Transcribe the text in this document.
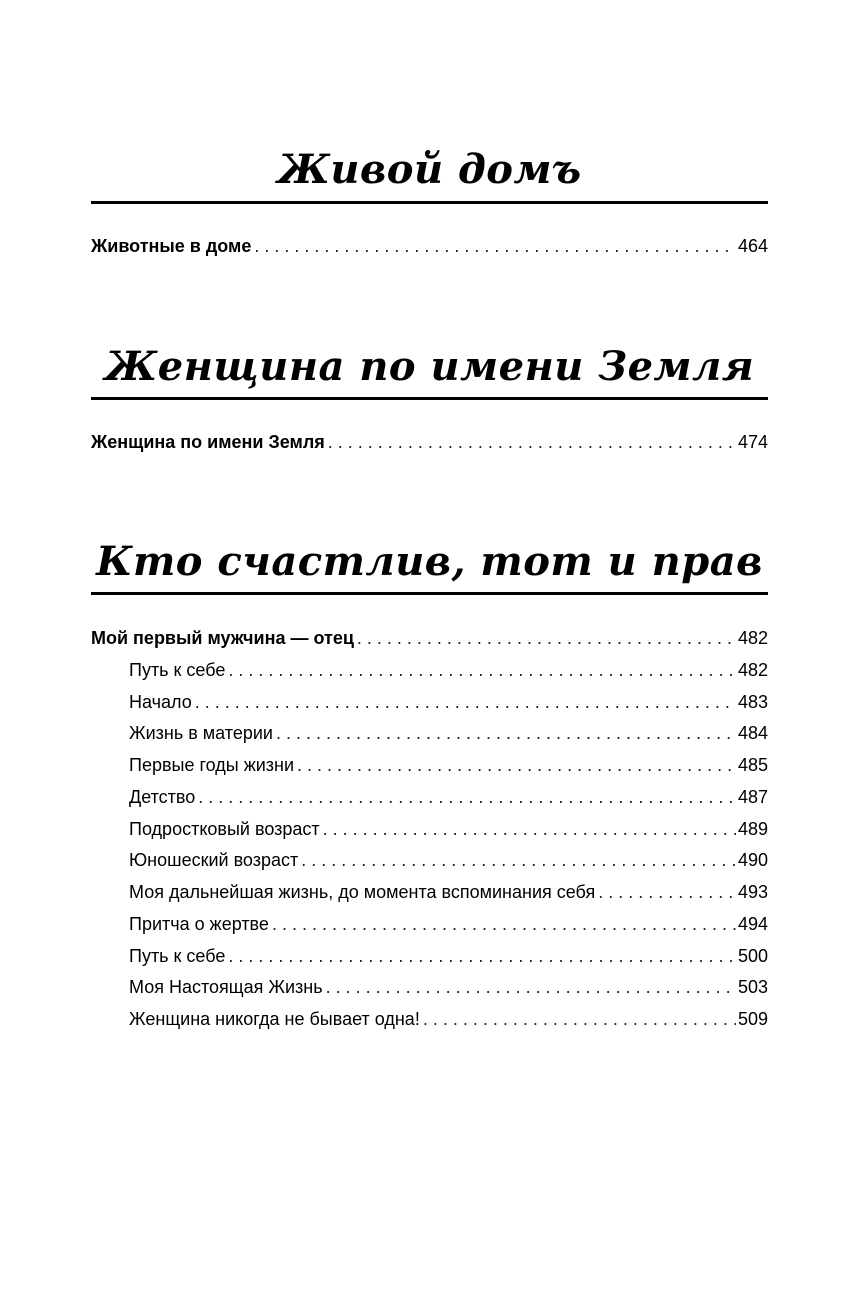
Живой домъ
Животные в доме . . .	464
Женщина по имени Земля
Женщина по имени Земля . . .	474
Кто счастлив, тот и прав
Мой первый мужчина — отец . . .	482
Путь к себе . . .	482
Начало . . .	483
Жизнь в материи . . .	484
Первые годы жизни . . .	485
Детство . . .	487
Подростковый возраст . . .	489
Юношеский возраст . . .	490
Моя дальнейшая жизнь, до момента вспоминания себя . . .	493
Притча о жертве . . .	494
Путь к себе . . .	500
Моя Настоящая Жизнь . . .	503
Женщина никогда не бывает одна! . . .	509
